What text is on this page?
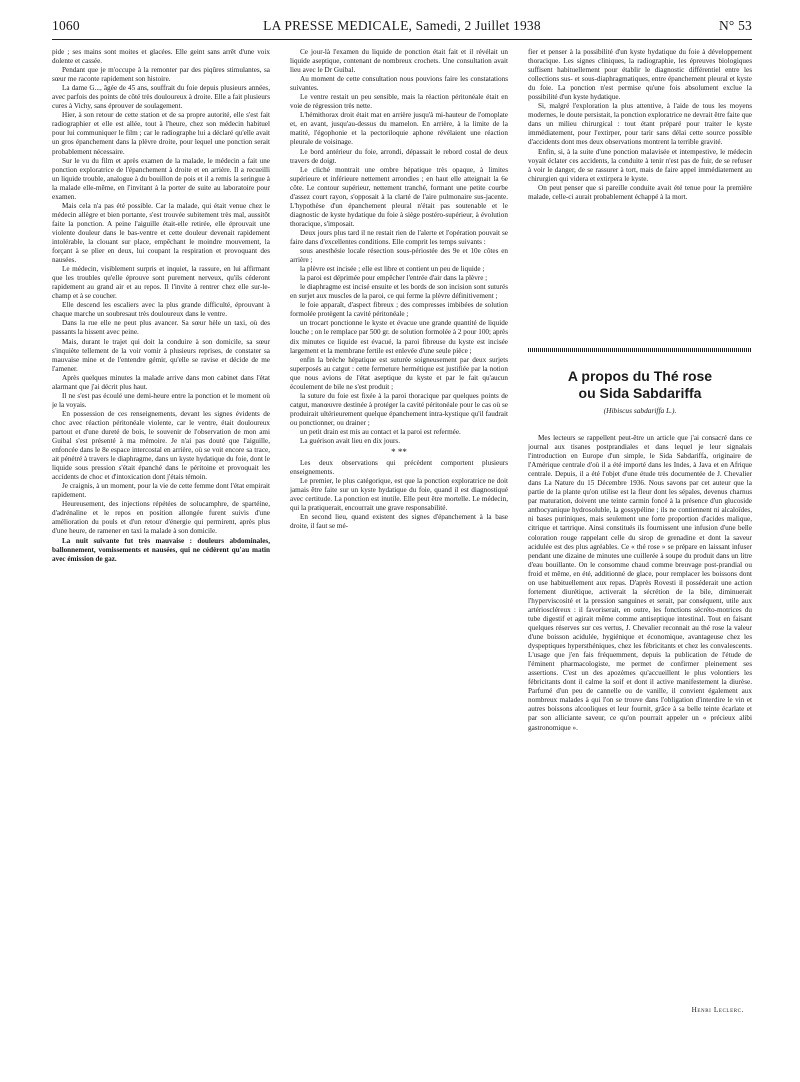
1060	LA PRESSE MEDICALE, Samedi, 2 Juillet 1938	N° 53

pide ; ses mains sont moites et glacées. Elle geint sans arrêt d'une voix dolente et cassée.

Pendant que je m'occupe à la remonter par des piqûres stimulantes, sa sœur me raconte rapidement son histoire.

La dame G..., âgée de 45 ans, souffrait du foie depuis plusieurs années, avec parfois des points de côté très douloureux à droite. Elle a fait plusieurs cures à Vichy, sans éprouver de soulagement.

Hier, à son retour de cette station et de sa propre autorité, elle s'est fait radiographier et elle est allée, tout à l'heure, chez son médecin habituel pour lui communiquer le film ; car le radiographe lui a déclaré qu'elle avait un gros épanchement dans la plèvre droite, pour lequel une ponction serait probablement nécessaire.

Sur le vu du film et après examen de la malade, le médecin a fait une ponction exploratrice de l'épanchement à droite et en arrière. Il a recueilli un liquide trouble, analogue à du bouillon de pois et il a remis la seringue à la malade elle-même, en l'invitant à la porter de suite au laboratoire pour examen.

Mais cela n'a pas été possible. Car la malade, qui était venue chez le médecin allègre et bien portante, s'est trouvée subitement très mal, aussitôt faite la ponction. A peine l'aiguille était-elle retirée, elle éprouvait une violente douleur dans le bas-ventre et cette douleur devenait rapidement intolérable, la clouant sur place, empêchant le moindre mouvement, la forçant à se plier en deux, lui coupant la respiration et provoquant des nausées.

Le médecin, visiblement surpris et inquiet, la rassure, en lui affirmant que les troubles qu'elle éprouve sont purement nerveux, qu'ils céderont rapidement au grand air et au repos. Il l'invite à rentrer chez elle sur-le-champ et à se coucher.

Elle descend les escaliers avec la plus grande difficulté, éprouvant à chaque marche un soubresaut très douloureux dans le ventre.

Dans la rue elle ne peut plus avancer. Sa sœur hèle un taxi, où des passants la hissent avec peine.

Mais, durant le trajet qui doit la conduire à son domicile, sa sœur s'inquiète tellement de la voir vomir à plusieurs reprises, de constater sa mauvaise mine et de l'entendre gémir, qu'elle se ravise et décide de me l'amener.

Après quelques minutes la malade arrive dans mon cabinet dans l'état alarmant que j'ai décrit plus haut.

Il ne s'est pas écoulé une demi-heure entre la ponction et le moment où je la voyais.

En possession de ces renseignements, devant les signes évidents de choc avec réaction péritonéale violente, car le ventre, était douloureux partout et d'une dureté de bois, le souvenir de l'observation de mon ami Guibal s'est présenté à ma mémoire. Je n'ai pas douté que l'aiguille, enfoncée dans le 8e espace intercostal en arrière, où se voit encore sa trace, ait pénétré à travers le diaphragme, dans un kyste hydatique du foie, dont le liquide sous pression s'était épanché dans le péritoine et provoquait les accidents de choc et d'intoxication dont j'étais témoin.

Je craignis, à un moment, pour la vie de cette femme dont l'état empirait rapidement.

Heureusement, des injections répétées de solucamphre, de spartéine, d'adrénaline et le repos en position allongée furent suivis d'une amélioration du pouls et d'un retour d'énergie qui permirent, après plus d'une heure, de ramener en taxi la malade à son domicile.

La nuit suivante fut très mauvaise : douleurs abdominales, ballonnement, vomissements et nausées, qui ne cédèrent qu'au matin avec émission de gaz.

Ce jour-là l'examen du liquide de ponction était fait et il révélait un liquide aseptique, contenant de nombreux crochets. Une consultation avait lieu avec le Dr Guibal.

Au moment de cette consultation nous pouvions faire les constatations suivantes.

Le ventre restait un peu sensible, mais la réaction péritonéale était en voie de régression très nette.

L'hémithorax droit était mat en arrière jusqu'à mi-hauteur de l'omoplate et, en avant, jusqu'au-dessus du mamelon. En arrière, à la limite de la matité, l'égophonie et la pectoriloquie aphone révélaient une réaction pleurale de voisinage.

Le bord antérieur du foie, arrondi, dépassait le rebord costal de deux travers de doigt.

Le cliché montrait une ombre hépatique très opaque, à limites supérieure et inférieure nettement arrondies ; en haut elle atteignait la 6e côte. Le contour supérieur, nettement tranché, formant une petite courbe d'assez court rayon, s'opposait à la clarté de l'aire pulmonaire sus-jacente. L'hypothèse d'un épanchement pleural n'était pas soutenable et le diagnostic de kyste hydatique du foie à siège postéro-supérieur, à évolution thoracique, s'imposait.

Deux jours plus tard il ne restait rien de l'alerte et l'opération pouvait se faire dans d'excellentes conditions. Elle comprit les temps suivants :

sous anesthésie locale résection sous-périostée des 9e et 10e côtes en arrière ;

la plèvre est incisée ; elle est libre et contient un peu de liquide ;

la paroi est déprimée pour empêcher l'entrée d'air dans la plèvre ;

le diaphragme est incisé ensuite et les bords de son incision sont suturés en surjet aux muscles de la paroi, ce qui ferme la plèvre définitivement ;

le foie apparaît, d'aspect fibreux ; des compresses imbibées de solution formolée protègent la cavité péritonéale ;

un trocart ponctionne le kyste et évacue une grande quantité de liquide louche ; on le remplace par 500 gr. de solution formolée à 2 pour 100; après dix minutes ce liquide est évacué, la paroi fibreuse du kyste est incisée largement et la membrane fertile est enlevée d'une seule pièce ;

enfin la brèche hépatique est suturée soigneusement par deux surjets superposés au catgut : cette fermeture hermétique est justifiée par la notion que nous avions de l'état aseptique du kyste et par le fait qu'aucun écoulement de bile ne s'est produit ;

la suture du foie est fixée à la paroi thoracique par quelques points de catgut, manœuvre destinée à protéger la cavité péritonéale pour le cas où se produirait ultérieurement quelque épanchement intra-kystique qu'il faudrait ou ponctionner, ou drainer ;

un petit drain est mis au contact et la paroi est refermée.

La guérison avait lieu en dix jours.

* **

Les deux observations qui précèdent comportent plusieurs enseignements.

Le premier, le plus catégorique, est que la ponction exploratrice ne doit jamais être faite sur un kyste hydatique du foie, quand il est diagnostiqué avec certitude. La ponction est inutile. Elle peut être mortelle. Le médecin, qui la pratiquerait, encourrait une grave responsabilité.

En second lieu, quand existent des signes d'épanchement à la base droite, il faut se mé-

fier et penser à la possibilité d'un kyste hydatique du foie à développement thoracique. Les signes cliniques, la radiographie, les épreuves biologiques suffisent habituellement pour établir le diagnostic différentiel entre les collections sus- et sous-diaphragmatiques, entre épanchement pleural et kyste du foie. La ponction n'est permise qu'une fois absolument exclue la possibilité d'un kyste hydatique.

Si, malgré l'exploration la plus attentive, à l'aide de tous les moyens modernes, le doute persistait, la ponction exploratrice ne devrait être faite que dans un milieu chirurgical : tout étant préparé pour traiter le kyste immédiatement, pour l'extirper, pour tarir sans délai cette source possible d'accidents dont mes deux observations montrent la terrible gravité.

Enfin, si, à la suite d'une ponction malavisée et intempestive, le médecin voyait éclater ces accidents, la conduite à tenir n'est pas de fuir, de se refuser à voir le danger, de se rassurer à tort, mais de faire appel immédiatement au chirurgien qui videra et extirpera le kyste.

On peut penser que si pareille conduite avait été tenue pour la première malade, celle-ci aurait probablement échappé à la mort.

A propos du Thé rose
ou Sida Sabdariffa
(Hibiscus sabdariffa L.).

Mes lecteurs se rappellent peut-être un article que j'ai consacré dans ce journal aux tisanes postprandiales et dans lequel je leur signalais l'introduction en Europe d'un simple, le Sida Sabdariffa, originaire de l'Amérique centrale d'où il a été importé dans les Indes, à Java et en Afrique centrale. Depuis, il a été l'objet d'une étude très documentée de J. Chevalier dans La Nature du 15 Décembre 1936. Nous savons par cet auteur que la partie de la plante qu'on utilise est la fleur dont les sépales, devenus charnus par maturation, doivent une teinte carmin foncé à la présence d'un glucoside anthocyanique hydrosoluble, la gossypéline ; ils ne contiennent ni alcaloïdes, ni bases puriniques, mais seulement une forte proportion d'acides malique, citrique et tartrique. Ainsi constitués ils fournissent une infusion d'une belle coloration rouge rappelant celle du sirop de grenadine et dont la saveur acidulée est des plus agréables. Ce « thé rose » se prépare en laissant infuser pendant une dizaine de minutes une cuillerée à soupe du produit dans un litre d'eau bouillante. On le consomme chaud comme breuvage post-prandial ou froid et même, en été, additionné de glace, pour remplacer les boissons dont on use habituellement aux repas. D'après Rovesti il posséderait une action fortement diurétique, activerait la sécrétion de la bile, diminuerait l'hyperviscosité et la pression sanguines et serait, par conséquent, utile aux artérioscléreux : il favoriserait, en outre, les fonctions sécréto-motrices du tube digestif et agirait même comme antiseptique intestinal. Tout en faisant quelques réserves sur ces vertus, J. Chevalier reconnait au thé rose la valeur d'une boisson acidulée, hygiénique et économique, avantageuse chez les dyspeptiques hypersthéniques, chez les fébricitants et chez les convalescents. L'usage que j'en fais fréquemment, depuis la publication de l'étude de l'éminent pharmacologiste, me permet de confirmer pleinement ses assertions. C'est un des apozèmes qu'accueillent le plus volontiers les fébricitants dont il calme la soif et dont il active manifestement la diurèse. Parfumé d'un peu de cannelle ou de vanille, il convient également aux nombreux malades à qui l'on se trouve dans l'obligation d'interdire le vin et autres boissons alcooliques et leur fournit, grâce à sa belle teinte écarlate et par son alliciante saveur, ce qu'on pourrait appeler un « précieux alibi gastronomique ».

Henri Leclerc.
